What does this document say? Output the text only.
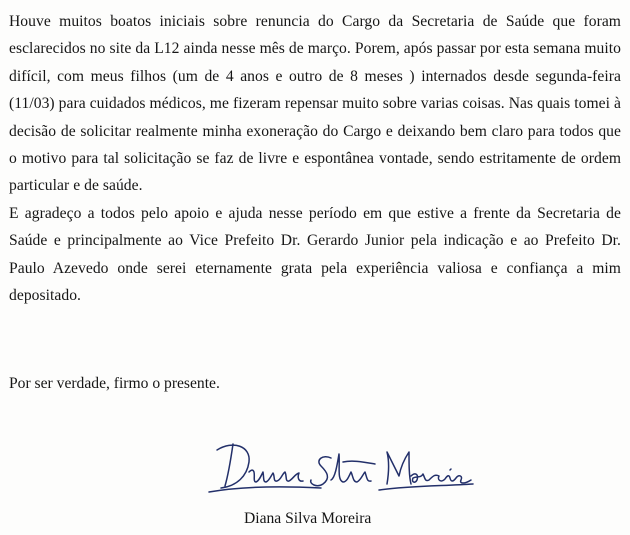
Houve muitos boatos iniciais sobre renuncia do Cargo da Secretaria de Saúde que foram esclarecidos no site da L12 ainda nesse mês de março. Porem, após passar por esta semana muito difícil, com meus filhos (um de 4 anos e outro de 8 meses ) internados desde segunda-feira (11/03) para cuidados médicos, me fizeram repensar muito sobre varias coisas. Nas quais tomei à decisão de solicitar realmente minha exoneração do Cargo e deixando bem claro para todos que o motivo para tal solicitação se faz de livre e espontânea vontade, sendo estritamente de ordem particular e de saúde.

E agradeço a todos pelo apoio e ajuda nesse período em que estive a frente da Secretaria de Saúde e principalmente ao Vice Prefeito Dr. Gerardo Junior pela indicação e ao Prefeito Dr. Paulo Azevedo onde serei eternamente grata pela experiência valiosa e confiança a mim depositado.

Por ser verdade, firmo o presente.
Diana Silva Moreira
